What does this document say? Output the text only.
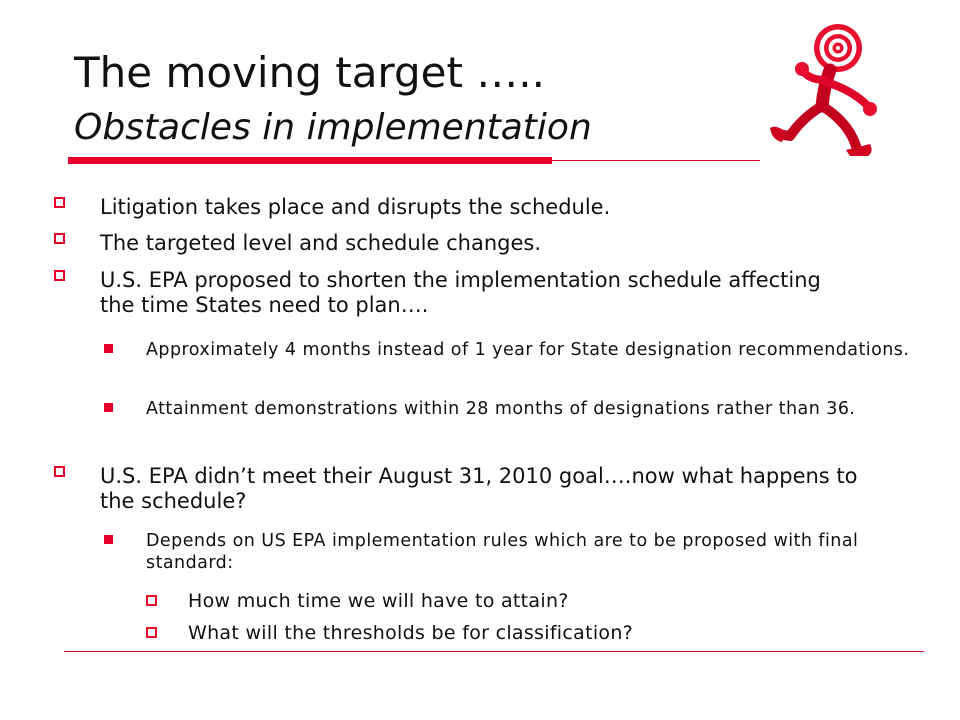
The moving target …..
Obstacles in implementation
Litigation takes place and disrupts the schedule.
The targeted level and schedule changes.
U.S. EPA proposed to shorten the implementation schedule affecting the time States need to plan….
Approximately 4 months instead of 1 year for State designation recommendations.
Attainment demonstrations within 28 months of designations rather than 36.
U.S. EPA didn’t meet their August 31, 2010 goal….now what happens to the schedule?
Depends on US EPA implementation rules which are to be proposed with final standard:
How much time we will have to attain?
What will the thresholds be for classification?
